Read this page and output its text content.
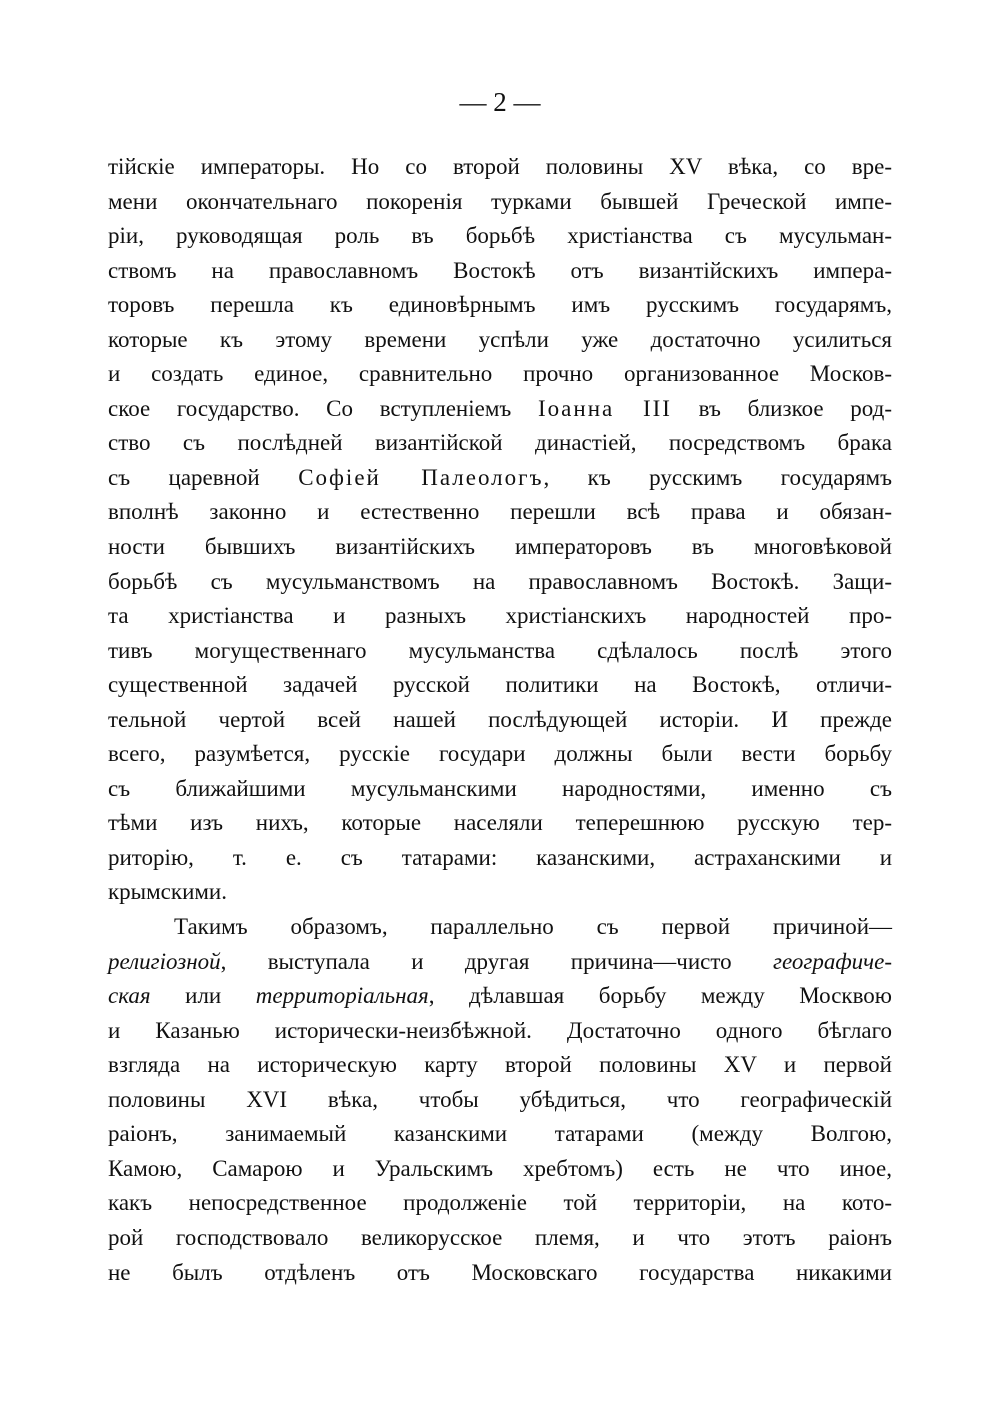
— 2 —
тійскіе императоры. Но со второй половины XV вѣка, со вре-
мени окончательнаго покоренія турками бывшей Греческой импе-
ріи, руководящая роль въ борьбѣ христіанства съ мусульман-
ствомъ на православномъ Востокѣ отъ византійскихъ импера-
торовъ перешла къ единовѣрнымъ имъ русскимъ государямъ,
которые къ этому времени успѣли уже достаточно усилиться
и создать единое, сравнительно прочно организованное Москов-
ское государство. Со вступленіемъ Іоанна III въ близкое род-
ство съ послѣдней византійской династіей, посредствомъ брака
съ царевной Софіей Палеологъ, къ русскимъ государямъ
вполнѣ законно и естественно перешли всѣ права и обязан-
ности бывшихъ византійскихъ императоровъ въ многовѣковой
борьбѣ съ мусульманствомъ на православномъ Востокѣ. Защи-
та христіанства и разныхъ христіанскихъ народностей про-
тивъ могущественнаго мусульманства сдѣлалось послѣ этого
существенной задачей русской политики на Востокѣ, отличи-
тельной чертой всей нашей послѣдующей исторіи. И прежде
всего, разумѣется, русскіе государи должны были вести борьбу
съ ближайшими мусульманскими народностями, именно съ
тѣми изъ нихъ, которые населяли теперешнюю русскую тер-
риторію, т. е. съ татарами: казанскими, астраханскими и
крымскими.
Такимъ образомъ, параллельно съ первой причиной—
религіозной, выступала и другая причина—чисто географиче-
ская или территоріальная, дѣлавшая борьбу между Москвою
и Казанью исторически-неизбѣжной. Достаточно одного бѣглаго
взгляда на историческую карту второй половины XV и первой
половины XVI вѣка, чтобы убѣдиться, что географическій
раіонъ, занимаемый казанскими татарами (между Волгою,
Камою, Самарою и Уральскимъ хребтомъ) есть не что иное,
какъ непосредственное продолженіе той территоріи, на кото-
рой господствовало великорусское племя, и что этотъ раіонъ
не былъ отдѣленъ отъ Московскаго государства никакими
